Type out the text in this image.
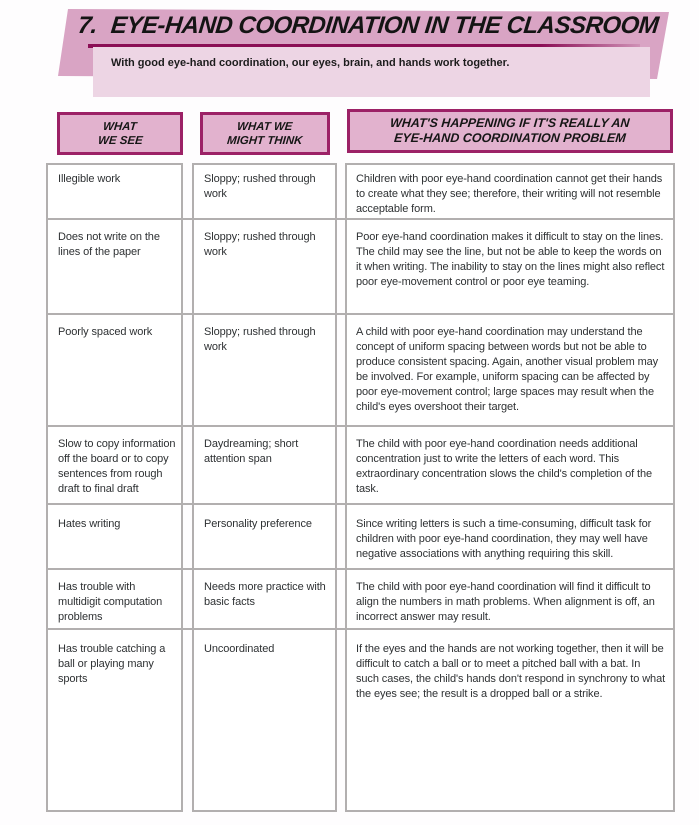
With good eye-hand coordination, our eyes, brain, and hands work together.
7. EYE-HAND COORDINATION IN THE CLASSROOM
WHAT
WE SEE
WHAT WE
MIGHT THINK
WHAT'S HAPPENING IF IT'S REALLY AN
EYE-HAND COORDINATION PROBLEM
Illegible work
Does not write on the lines of the paper
Poorly spaced work
Slow to copy information off the board or to copy sentences from rough draft to final draft
Hates writing
Has trouble with multidigit computation problems
Has trouble catching a ball or playing many sports
Sloppy; rushed through work
Sloppy; rushed through work
Sloppy; rushed through work
Daydreaming; short attention span
Personality preference
Needs more practice with basic facts
Uncoordinated
Children with poor eye-hand coordination cannot get their hands to create what they see; therefore, their writing will not resemble acceptable form.
Poor eye-hand coordination makes it difficult to stay on the lines. The child may see the line, but not be able to keep the words on it when writing. The inability to stay on the lines might also reflect poor eye-movement control or poor eye teaming.
A child with poor eye-hand coordination may understand the concept of uniform spacing between words but not be able to produce consistent spacing. Again, another visual problem may be involved. For example, uniform spacing can be affected by poor eye-movement control; large spaces may result when the child's eyes overshoot their target.
The child with poor eye-hand coordination needs additional concentration just to write the letters of each word. This extraordinary concentration slows the child's completion of the task.
Since writing letters is such a time-consuming, difficult task for children with poor eye-hand coordination, they may well have negative associations with anything requiring this skill.
The child with poor eye-hand coordination will find it difficult to align the numbers in math problems. When alignment is off, an incorrect answer may result.
If the eyes and the hands are not working together, then it will be difficult to catch a ball or to meet a pitched ball with a bat. In such cases, the child's hands don't respond in synchrony to what the eyes see; the result is a dropped ball or a strike.
